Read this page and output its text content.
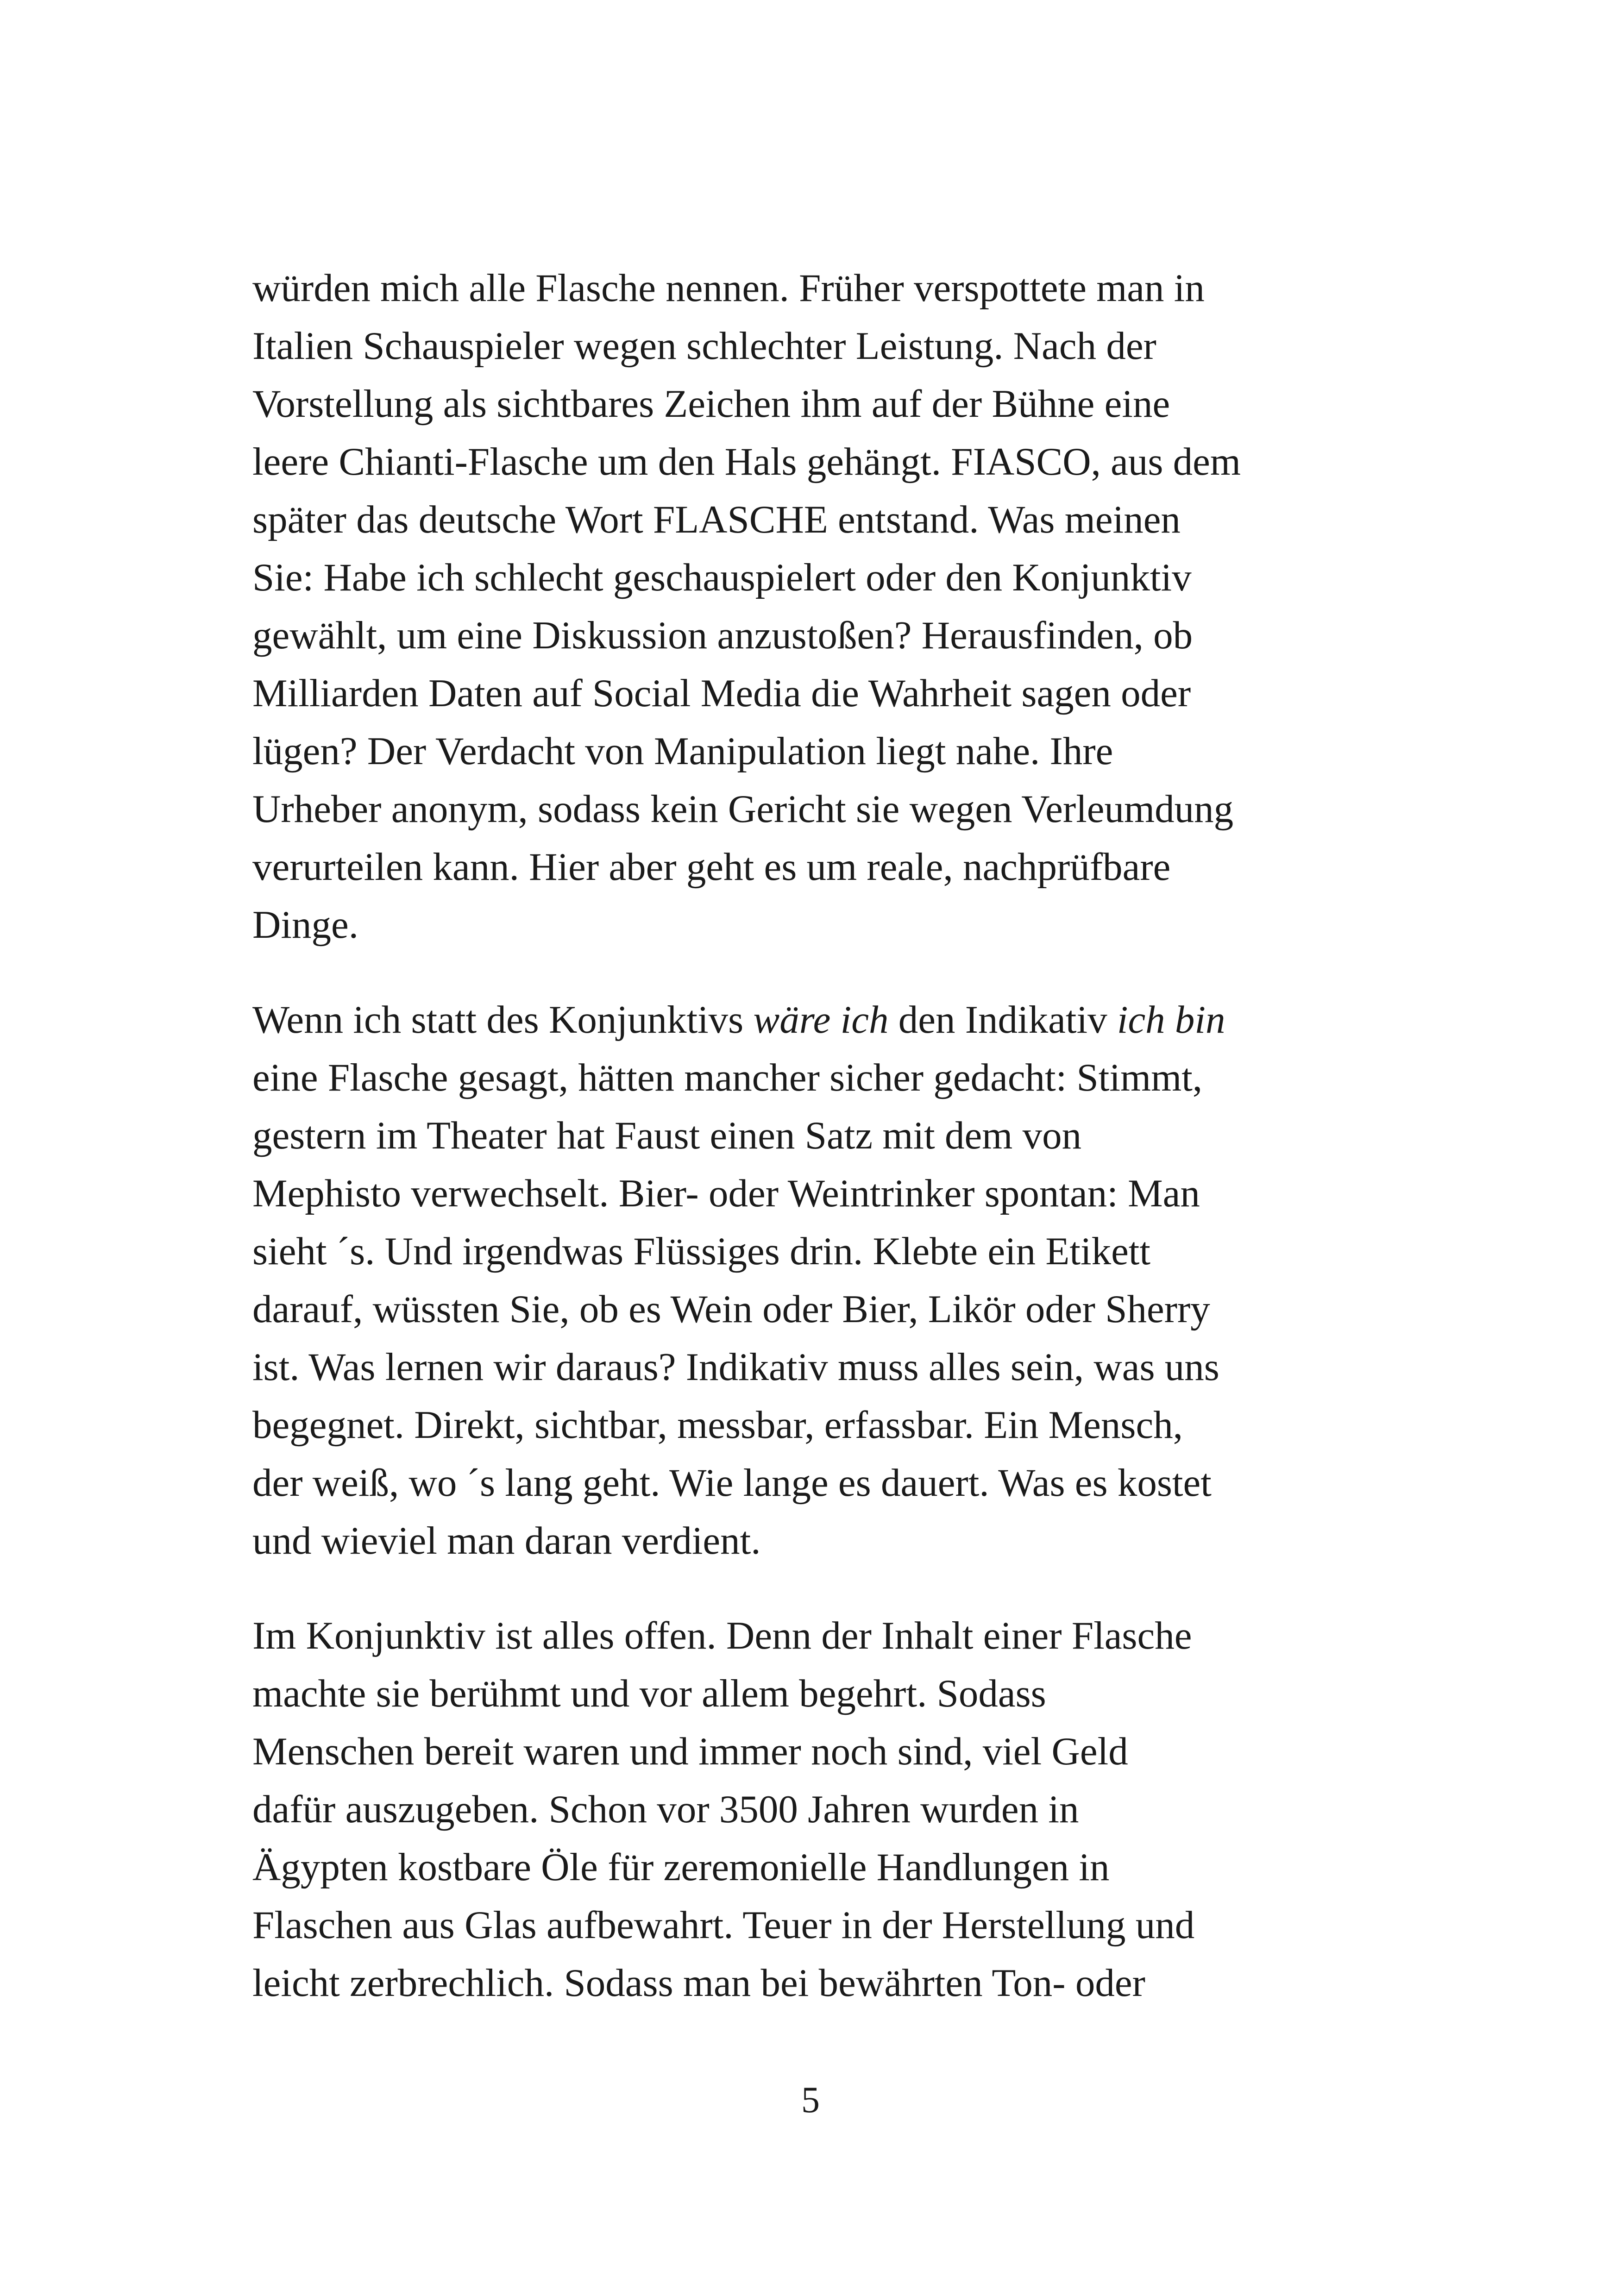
würden mich alle Flasche nennen. Früher verspottete man in
Italien Schauspieler wegen schlechter Leistung. Nach der
Vorstellung als sichtbares Zeichen ihm auf der Bühne eine
leere Chianti-Flasche um den Hals gehängt. FIASCO, aus dem
später das deutsche Wort FLASCHE entstand. Was meinen
Sie: Habe ich schlecht geschauspielert oder den Konjunktiv
gewählt, um eine Diskussion anzustoßen? Herausfinden, ob
Milliarden Daten auf Social Media die Wahrheit sagen oder
lügen? Der Verdacht von Manipulation liegt nahe. Ihre
Urheber anonym, sodass kein Gericht sie wegen Verleumdung
verurteilen kann. Hier aber geht es um reale, nachprüfbare
Dinge.

Wenn ich statt des Konjunktivs wäre ich den Indikativ ich bin
eine Flasche gesagt, hätten mancher sicher gedacht: Stimmt,
gestern im Theater hat Faust einen Satz mit dem von
Mephisto verwechselt. Bier- oder Weintrinker spontan: Man
sieht ´s. Und irgendwas Flüssiges drin. Klebte ein Etikett
darauf, wüssten Sie, ob es Wein oder Bier, Likör oder Sherry
ist. Was lernen wir daraus? Indikativ muss alles sein, was uns
begegnet. Direkt, sichtbar, messbar, erfassbar. Ein Mensch,
der weiß, wo ´s lang geht. Wie lange es dauert. Was es kostet
und wieviel man daran verdient.

Im Konjunktiv ist alles offen. Denn der Inhalt einer Flasche
machte sie berühmt und vor allem begehrt. Sodass
Menschen bereit waren und immer noch sind, viel Geld
dafür auszugeben. Schon vor 3500 Jahren wurden in
Ägypten kostbare Öle für zeremonielle Handlungen in
Flaschen aus Glas aufbewahrt. Teuer in der Herstellung und
leicht zerbrechlich. Sodass man bei bewährten Ton- oder

5
